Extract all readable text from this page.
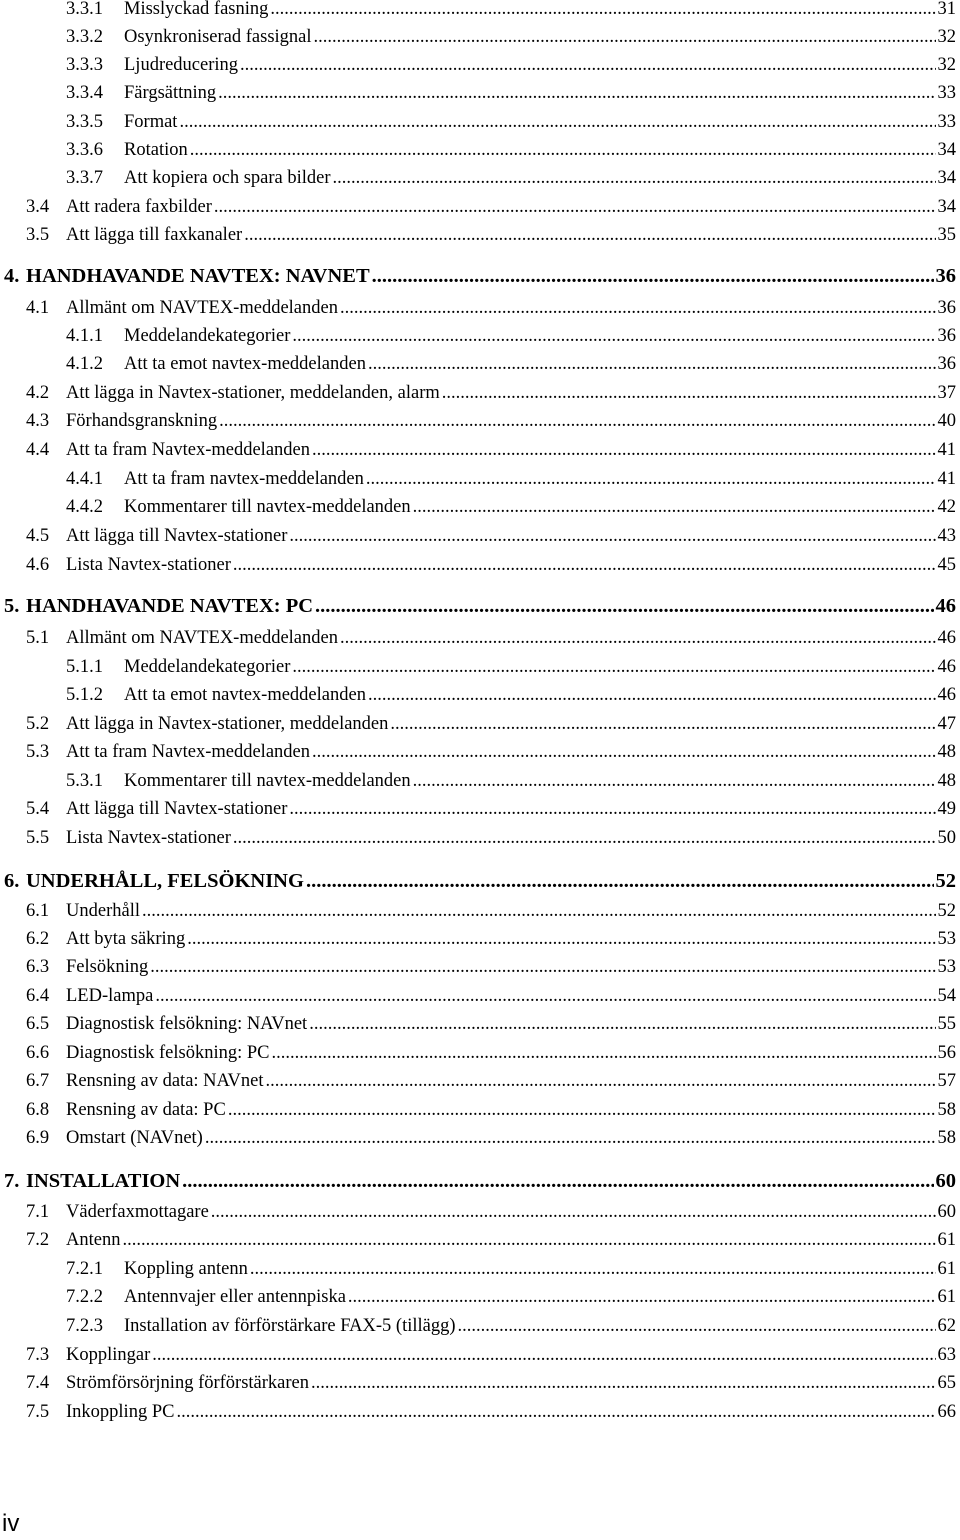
3.3.1	Misslyckad fasning .....	31
3.3.2	Osynkroniserad fassignal .....	32
3.3.3	Ljudreducering .....	32
3.3.4	Färgsättning .....	33
3.3.5	Format .....	33
3.3.6	Rotation .....	34
3.3.7	Att kopiera och spara bilder .....	34
3.4 Att radera faxbilder .....	34
3.5 Att lägga till faxkanaler .....	35
4. HANDHAVANDE NAVTEX: NAVNET .....	36
4.1 Allmänt om NAVTEX-meddelanden .....	36
4.1.1	Meddelandekategorier .....	36
4.1.2	Att ta emot navtex-meddelanden .....	36
4.2 Att lägga in Navtex-stationer, meddelanden, alarm .....	37
4.3 Förhandsgranskning .....	40
4.4 Att ta fram Navtex-meddelanden .....	41
4.4.1	Att ta fram navtex-meddelanden .....	41
4.4.2	Kommentarer till navtex-meddelanden .....	42
4.5 Att lägga till Navtex-stationer .....	43
4.6 Lista Navtex-stationer .....	45
5. HANDHAVANDE NAVTEX: PC .....	46
5.1 Allmänt om NAVTEX-meddelanden .....	46
5.1.1	Meddelandekategorier .....	46
5.1.2	Att ta emot navtex-meddelanden .....	46
5.2 Att lägga in Navtex-stationer, meddelanden .....	47
5.3 Att ta fram Navtex-meddelanden .....	48
5.3.1	Kommentarer till navtex-meddelanden .....	48
5.4 Att lägga till Navtex-stationer .....	49
5.5 Lista Navtex-stationer .....	50
6. UNDERHÅLL, FELSÖKNING .....	52
6.1 Underhåll .....	52
6.2 Att byta säkring .....	53
6.3 Felsökning .....	53
6.4 LED-lampa .....	54
6.5 Diagnostisk felsökning: NAVnet .....	55
6.6 Diagnostisk felsökning: PC .....	56
6.7 Rensning av data: NAVnet .....	57
6.8 Rensning av data: PC .....	58
6.9 Omstart (NAVnet) .....	58
7. INSTALLATION .....	60
7.1 Väderfaxmottagare .....	60
7.2 Antenn .....	61
7.2.1	Koppling antenn .....	61
7.2.2	Antennvajer eller antennpiska .....	61
7.2.3	Installation av förförstärkare FAX-5 (tillägg) .....	62
7.3 Kopplingar .....	63
7.4 Strömförsörjning förförstärkaren .....	65
7.5 Inkoppling PC .....	66
iv
